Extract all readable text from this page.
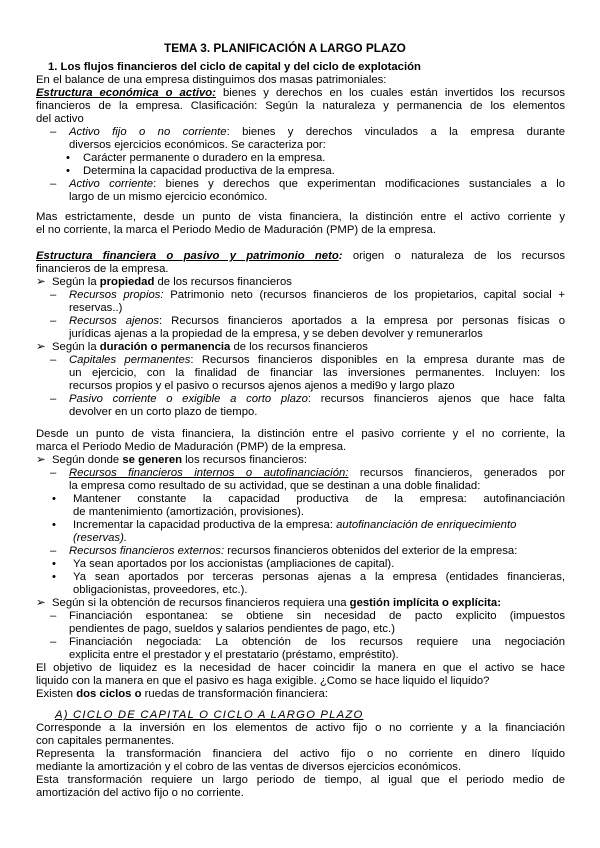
TEMA 3. PLANIFICACIÓN A LARGO PLAZO
1. Los flujos financieros del ciclo de capital y del ciclo de explotación
En el balance de una empresa distinguimos dos masas patrimoniales:
Estructura económica o activo: bienes y derechos en los cuales están invertidos los recursos
financieros de la empresa. Clasificación: Según la naturaleza y permanencia de los elementos
del activo
– Activo fijo o no corriente: bienes y derechos vinculados a la empresa durante
diversos ejercicios económicos. Se caracteriza por:
• Carácter permanente o duradero en la empresa.
• Determina la capacidad productiva de la empresa.
– Activo corriente: bienes y derechos que experimentan modificaciones sustanciales a lo
largo de un mismo ejercicio económico.
Mas estrictamente, desde un punto de vista financiera, la distinción entre el activo corriente y
el no corriente, la marca el Periodo Medio de Maduración (PMP) de la empresa.
Estructura financiera o pasivo y patrimonio neto: origen o naturaleza de los recursos
financieros de la empresa.
➢ Según la propiedad de los recursos financieros
– Recursos propios: Patrimonio neto (recursos financieros de los propietarios, capital social +
reservas..)
– Recursos ajenos: Recursos financieros aportados a la empresa por personas físicas o
jurídicas ajenas a la propiedad de la empresa, y se deben devolver y remunerarlos
➢ Según la duración o permanencia de los recursos financieros
– Capitales permanentes: Recursos financieros disponibles en la empresa durante mas de
un ejercicio, con la finalidad de financiar las inversiones permanentes. Incluyen: los
recursos propios y el pasivo o recursos ajenos ajenos a medi9o y largo plazo
– Pasivo corriente o exigible a corto plazo: recursos financieros ajenos que hace falta
devolver en un corto plazo de tiempo.
Desde un punto de vista financiera, la distinción entre el pasivo corriente y el no corriente, la
marca el Periodo Medio de Maduración (PMP) de la empresa.
➢ Según donde se generen los recursos financieros:
– Recursos financieros internos o autofinanciación: recursos financieros, generados por
la empresa como resultado de su actividad, que se destinan a una doble finalidad:
• Mantener constante la capacidad productiva de la empresa: autofinanciación
de mantenimiento (amortización, provisiones).
• Incrementar la capacidad productiva de la empresa: autofinanciación de enriquecimiento
(reservas).
– Recursos financieros externos: recursos financieros obtenidos del exterior de la empresa:
• Ya sean aportados por los accionistas (ampliaciones de capital).
• Ya sean aportados por terceras personas ajenas a la empresa (entidades financieras,
obligacionistas, proveedores, etc.).
➢ Según si la obtención de recursos financieros requiera una gestión implícita o explícita:
– Financiación espontanea: se obtiene sin necesidad de pacto explicito (impuestos
pendientes de pago, sueldos y salarios pendientes de pago, etc.)
– Financiación negociada: La obtención de los recursos requiere una negociación
explicita entre el prestador y el prestatario (préstamo, empréstito).
El objetivo de liquidez es la necesidad de hacer coincidir la manera en que el activo se hace
liquido con la manera en que el pasivo es haga exigible. ¿Como se hace liquido el liquido?
Existen dos ciclos o ruedas de transformación financiera:
A) CICLO DE CAPITAL O CICLO A LARGO PLAZO
Corresponde a la inversión en los elementos de activo fijo o no corriente y a la financiación
con capitales permanentes.
Representa la transformación financiera del activo fijo o no corriente en dinero líquido
mediante la amortización y el cobro de las ventas de diversos ejercicios económicos.
Esta transformación requiere un largo periodo de tiempo, al igual que el periodo medio de
amortización del activo fijo o no corriente.
